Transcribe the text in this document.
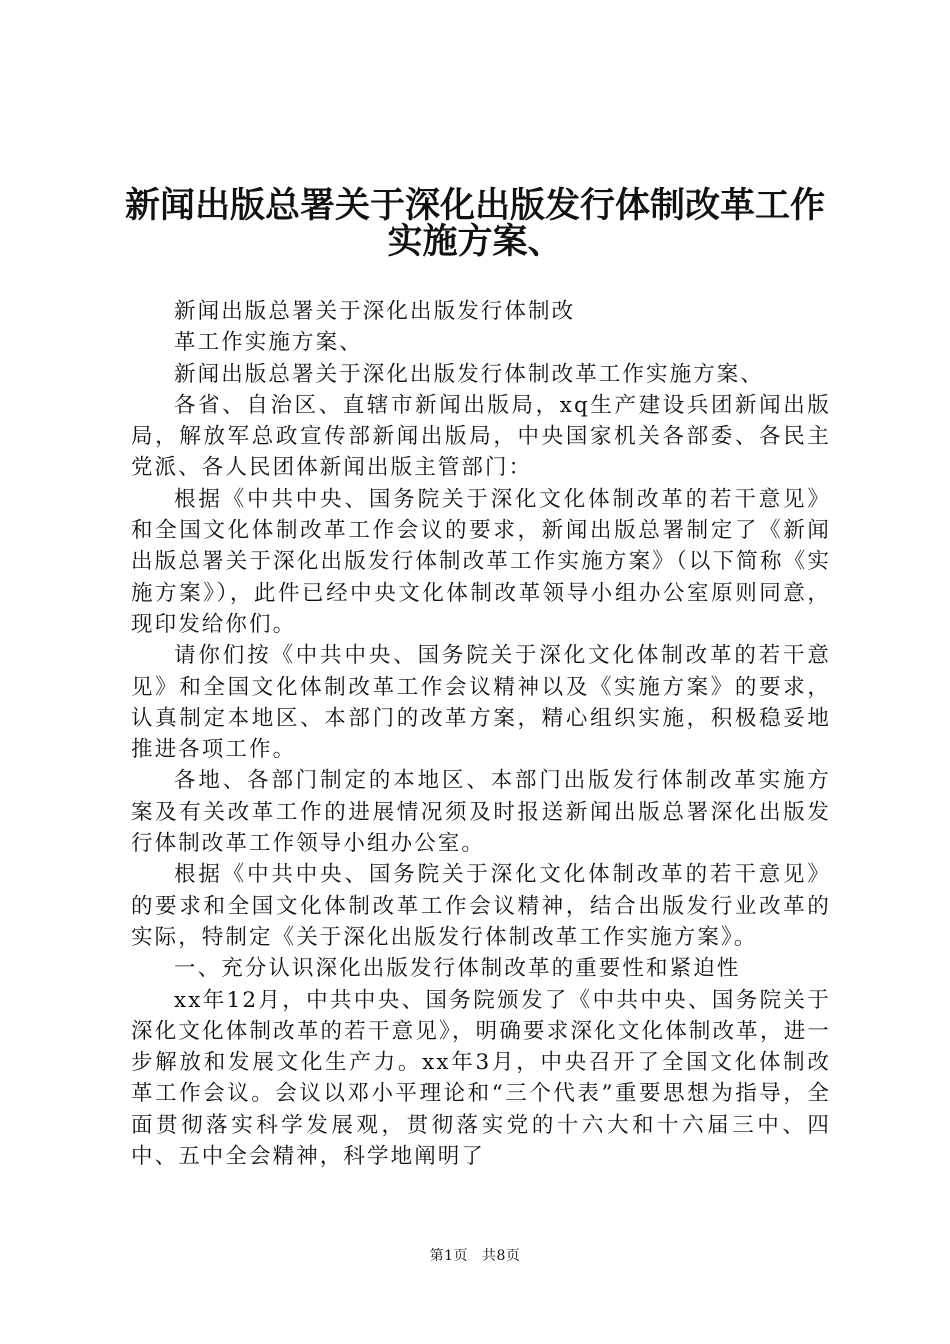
新闻出版总署关于深化出版发行体制改革工作
实施方案、

新闻出版总署关于深化出版发行体制改

革工作实施方案、

新闻出版总署关于深化出版发行体制改革工作实施方案、

各省、自治区、直辖市新闻出版局，xq生产建设兵团新闻出版局，解放军总政宣传部新闻出版局，中央国家机关各部委、各民主党派、各人民团体新闻出版主管部门：

根据《中共中央、国务院关于深化文化体制改革的若干意见》和全国文化体制改革工作会议的要求，新闻出版总署制定了《新闻出版总署关于深化出版发行体制改革工作实施方案》（以下简称《实施方案》），此件已经中央文化体制改革领导小组办公室原则同意，现印发给你们。

请你们按《中共中央、国务院关于深化文化体制改革的若干意见》和全国文化体制改革工作会议精神以及《实施方案》的要求，认真制定本地区、本部门的改革方案，精心组织实施，积极稳妥地推进各项工作。

各地、各部门制定的本地区、本部门出版发行体制改革实施方案及有关改革工作的进展情况须及时报送新闻出版总署深化出版发行体制改革工作领导小组办公室。

根据《中共中央、国务院关于深化文化体制改革的若干意见》的要求和全国文化体制改革工作会议精神，结合出版发行业改革的实际，特制定《关于深化出版发行体制改革工作实施方案》。

一、充分认识深化出版发行体制改革的重要性和紧迫性

xx年12月，中共中央、国务院颁发了《中共中央、国务院关于深化文化体制改革的若干意见》，明确要求深化文化体制改革，进一步解放和发展文化生产力。xx年3月，中央召开了全国文化体制改革工作会议。会议以邓小平理论和“三个代表”重要思想为指导，全面贯彻落实科学发展观，贯彻落实党的十六大和十六届三中、四中、五中全会精神，科学地阐明了

第1页 共8页
